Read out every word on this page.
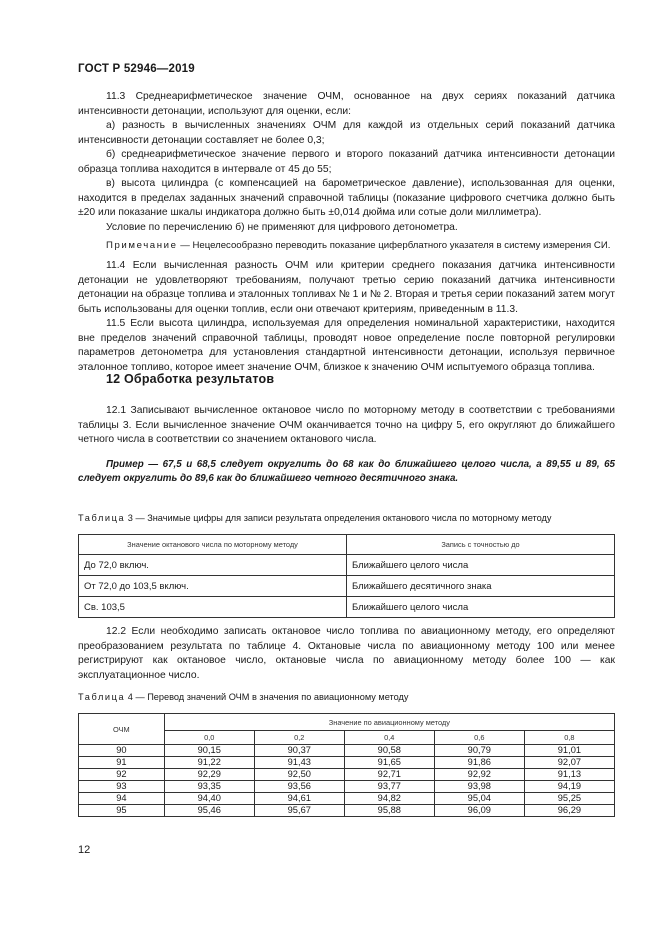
ГОСТ Р 52946—2019

11.3 Среднеарифметическое значение ОЧМ, основанное на двух сериях показаний датчика интенсивности детонации, используют для оценки, если:

а) разность в вычисленных значениях ОЧМ для каждой из отдельных серий показаний датчика интенсивности детонации составляет не более 0,3;

б) среднеарифметическое значение первого и второго показаний датчика интенсивности детонации образца топлива находится в интервале от 45 до 55;

в) высота цилиндра (с компенсацией на барометрическое давление), использованная для оценки, находится в пределах заданных значений справочной таблицы (показание цифрового счетчика должно быть ±20 или показание шкалы индикатора должно быть ±0,014 дюйма или сотые доли миллиметра).

Условие по перечислению б) не применяют для цифрового детонометра.

Примечание — Нецелесообразно переводить показание циферблатного указателя в систему измерения СИ.

11.4 Если вычисленная разность ОЧМ или критерии среднего показания датчика интенсивности детонации не удовлетворяют требованиям, получают третью серию показаний датчика интенсивности детонации на образце топлива и эталонных топливах № 1 и № 2. Вторая и третья серии показаний затем могут быть использованы для оценки топлив, если они отвечают критериям, приведенным в 11.3.

11.5 Если высота цилиндра, используемая для определения номинальной характеристики, находится вне пределов значений справочной таблицы, проводят новое определение после повторной регулировки параметров детонометра для установления стандартной интенсивности детонации, используя первичное эталонное топливо, которое имеет значение ОЧМ, близкое к значению ОЧМ испытуемого образца топлива.

12 Обработка результатов

12.1 Записывают вычисленное октановое число по моторному методу в соответствии с требованиями таблицы 3. Если вычисленное значение ОЧМ оканчивается точно на цифру 5, его округляют до ближайшего четного числа в соответствии со значением октанового числа.

Пример — 67,5 и 68,5 следует округлить до 68 как до ближайшего целого числа, а 89,55 и 89, 65 следует округлить до 89,6 как до ближайшего четного десятичного знака.

Таблица 3 — Значимые цифры для записи результата определения октанового числа по моторному методу
Значение октанового числа по моторному методу	Запись с точностью до
До 72,0 включ.	Ближайшего целого числа
От 72,0 до 103,5 включ.	Ближайшего десятичного знака
Св. 103,5	Ближайшего целого числа

12.2 Если необходимо записать октановое число топлива по авиационному методу, его определяют преобразованием результата по таблице 4. Октановые числа по авиационному методу 100 или менее регистрируют как октановое число, октановые числа по авиационному методу более 100 — как эксплуатационное число.

Таблица 4 — Перевод значений ОЧМ в значения по авиационному методу
ОЧМ	Значение по авиационному методу				
	0,0	0,2	0,4	0,6	0,8
90	90,15	90,37	90,58	90,79	91,01
91	91,22	91,43	91,65	91,86	92,07
92	92,29	92,50	92,71	92,92	91,13
93	93,35	93,56	93,77	93,98	94,19
94	94,40	94,61	94,82	95,04	95,25
95	95,46	95,67	95,88	96,09	96,29
12
